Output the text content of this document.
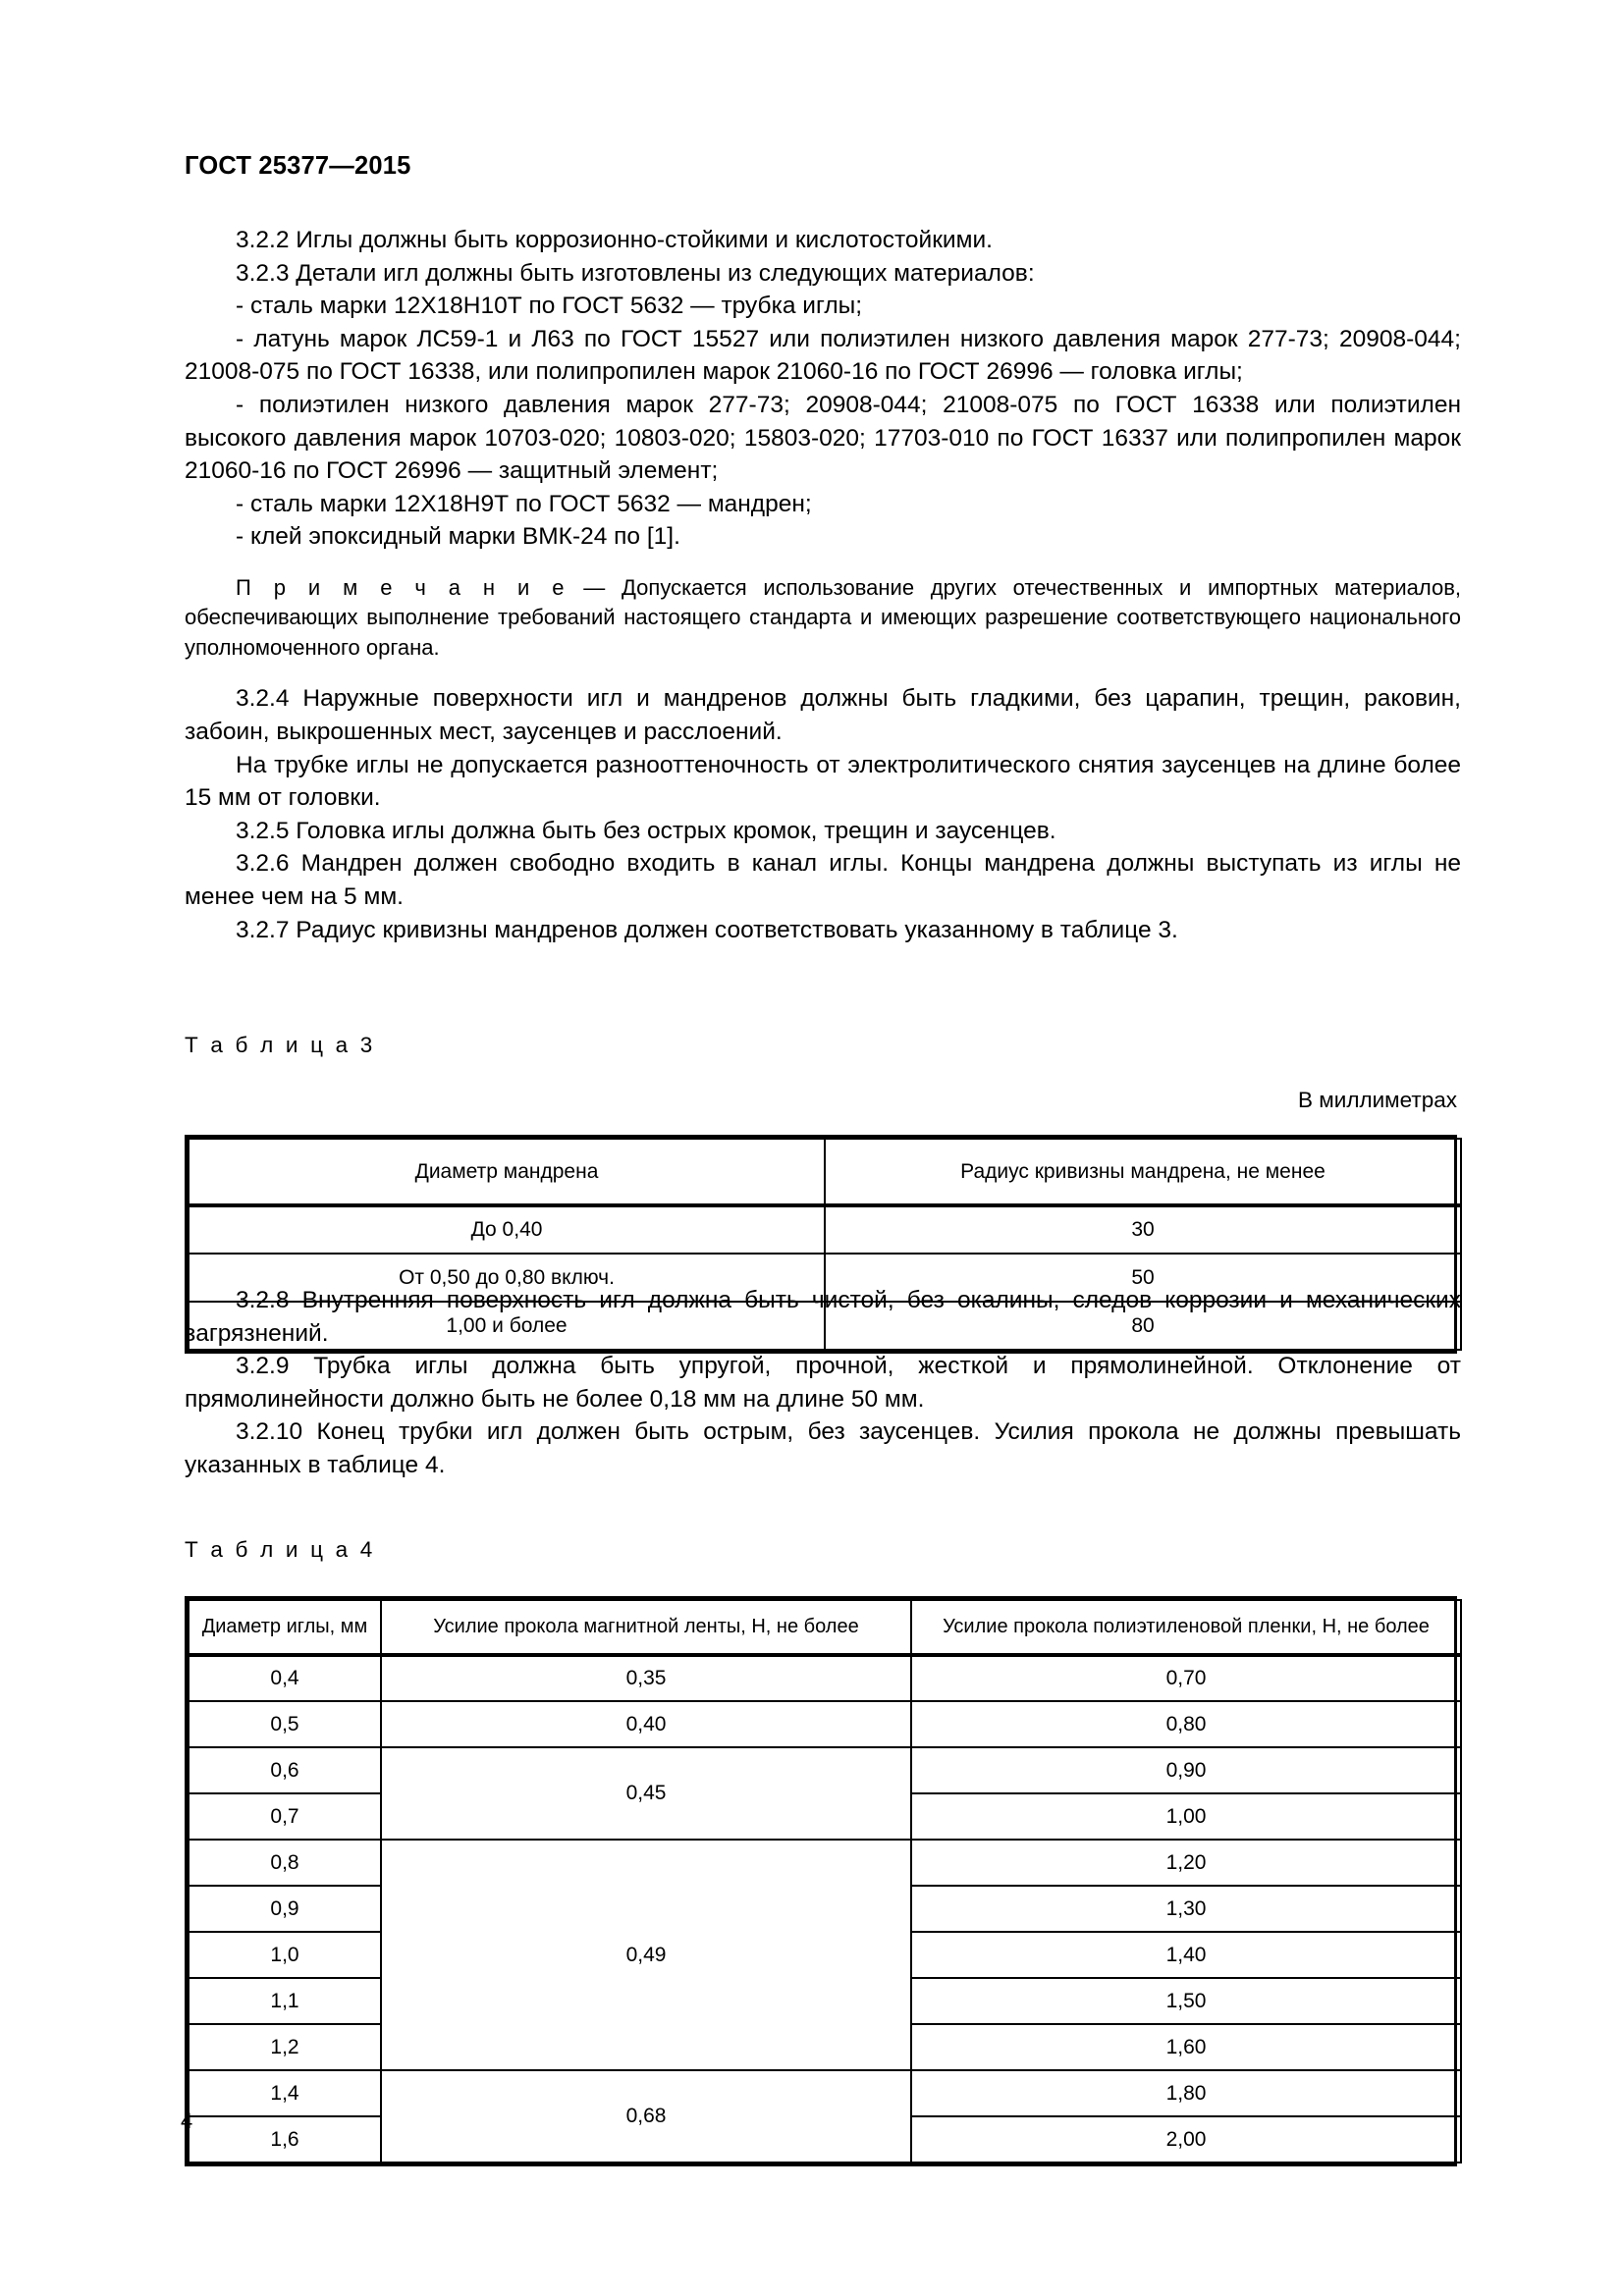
ГОСТ 25377—2015

3.2.2 Иглы должны быть коррозионно-стойкими и кислотостойкими.

3.2.3 Детали игл должны быть изготовлены из следующих материалов:

- сталь марки 12Х18Н10Т по ГОСТ 5632 — трубка иглы;

- латунь марок ЛС59-1 и Л63 по ГОСТ 15527 или полиэтилен низкого давления марок 277-73; 20908-044; 21008-075 по ГОСТ 16338, или полипропилен марок 21060-16 по ГОСТ 26996 — головка иглы;

- полиэтилен низкого давления марок 277-73; 20908-044; 21008-075 по ГОСТ 16338 или полиэтилен высокого давления марок 10703-020; 10803-020; 15803-020; 17703-010 по ГОСТ 16337 или полипропилен марок 21060-16 по ГОСТ 26996 — защитный элемент;

- сталь марки 12Х18Н9Т по ГОСТ 5632 — мандрен;

- клей эпоксидный марки ВМК-24 по [1].

П р и м е ч а н и е — Допускается использование других отечественных и импортных материалов, обеспечивающих выполнение требований настоящего стандарта и имеющих разрешение соответствующего национального уполномоченного органа.

3.2.4 Наружные поверхности игл и мандренов должны быть гладкими, без царапин, трещин, раковин, забоин, выкрошенных мест, заусенцев и расслоений.

На трубке иглы не допускается разнооттеночность от электролитического снятия заусенцев на длине более 15 мм от головки.

3.2.5 Головка иглы должна быть без острых кромок, трещин и заусенцев.

3.2.6 Мандрен должен свободно входить в канал иглы. Концы мандрена должны выступать из иглы не менее чем на 5 мм.

3.2.7 Радиус кривизны мандренов должен соответствовать указанному в таблице 3.

Т а б л и ц а 3
В миллиметрах
Диаметр мандрена	Радиус кривизны мандрена, не менее
До 0,40	30
От 0,50 до 0,80 включ.	50
1,00 и более	80

3.2.8 Внутренняя поверхность игл должна быть чистой, без окалины, следов коррозии и механических загрязнений.

3.2.9 Трубка иглы должна быть упругой, прочной, жесткой и прямолинейной. Отклонение от прямолинейности должно быть не более 0,18 мм на длине 50 мм.

3.2.10 Конец трубки игл должен быть острым, без заусенцев. Усилия прокола не должны превышать указанных в таблице 4.

Т а б л и ц а 4
Диаметр иглы, мм	Усилие прокола магнитной ленты, Н, не более	Усилие прокола полиэтиленовой пленки, Н, не более
0,4	0,35	0,70
0,5	0,40	0,80
0,6	0,45	0,90
0,7		1,00
0,8	0,49	1,20
0,9		1,30
1,0		1,40
1,1		1,50
1,2		1,60
1,4	0,68	1,80
1,6		2,00
4
